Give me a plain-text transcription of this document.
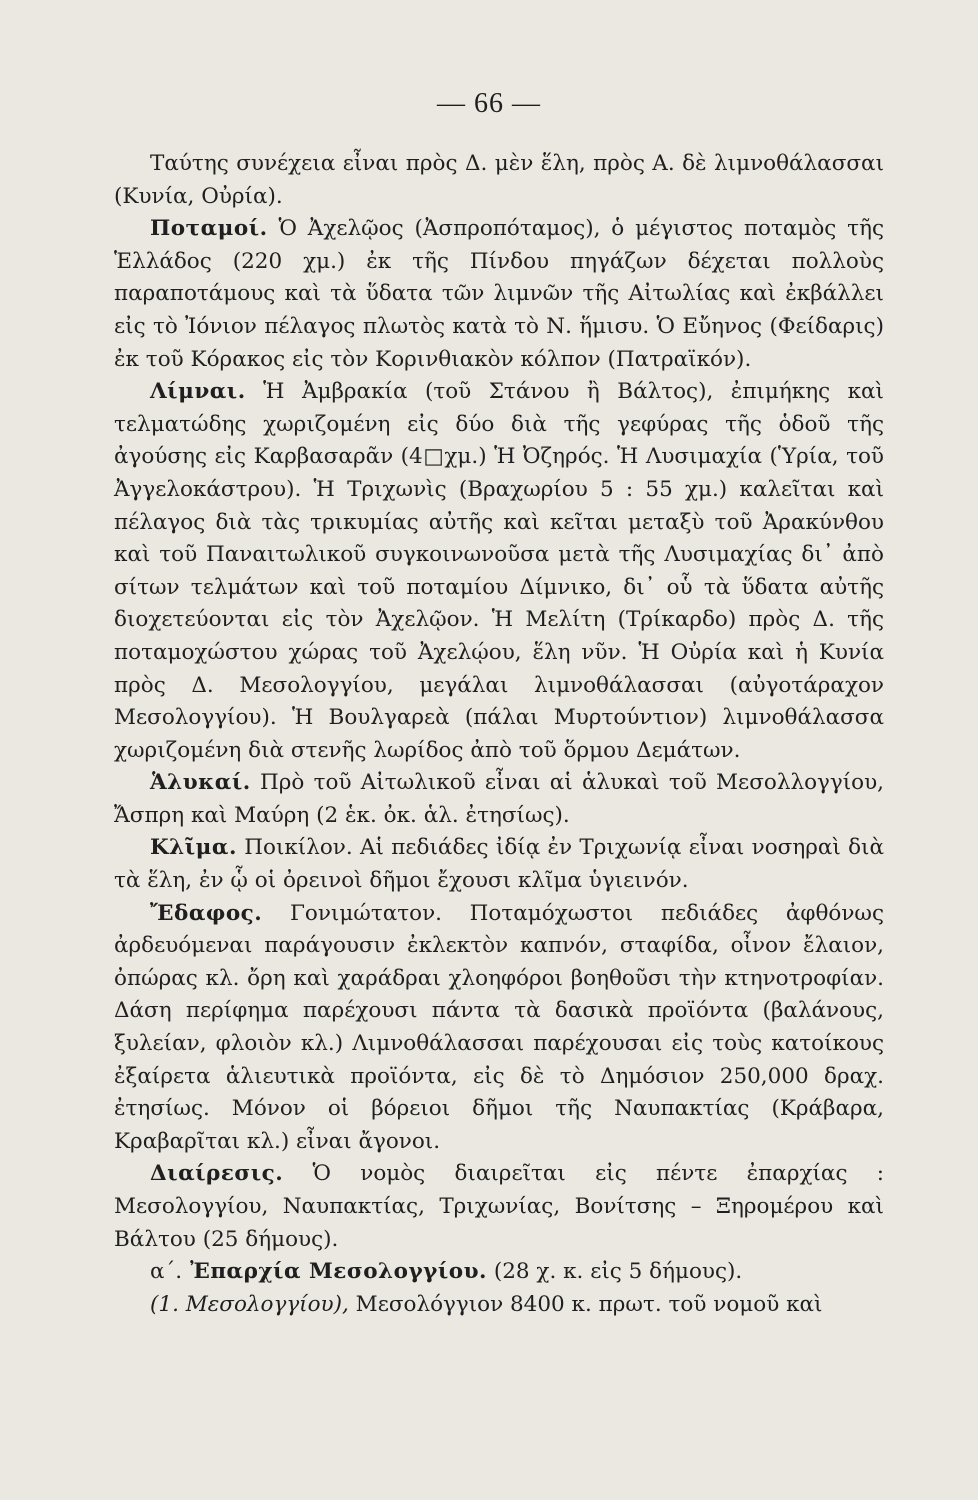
— 66 —

Ταύτης συνέχεια εἶναι πρὸς Δ. μὲν ἕλη, πρὸς Α. δὲ λιμνοθάλασσαι (Κυνία, Οὐρία).

Ποταμοί. Ὁ Ἀχελῷος (Ἀσπροπόταμος), ὁ μέγιστος ποταμὸς τῆς Ἑλλάδος (220 χμ.) ἐκ τῆς Πίνδου πηγάζων δέχεται πολλοὺς παραποτάμους καὶ τὰ ὕδατα τῶν λιμνῶν τῆς Αἰτωλίας καὶ ἐκβάλλει εἰς τὸ Ἰόνιον πέλαγος πλωτὸς κατὰ τὸ Ν. ἥμισυ. Ὁ Εὔηνος (Φείδαρις) ἐκ τοῦ Κόρακος εἰς τὸν Κορινθιακὸν κόλπον (Πατραϊκόν).

Λίμναι. Ἡ Ἀμβρακία (τοῦ Στάνου ἢ Βάλτος), ἐπιμήκης καὶ τελματώδης χωριζομένη εἰς δύο διὰ τῆς γεφύρας τῆς ὁδοῦ τῆς ἀγούσης εἰς Καρβασαρᾶν (4□χμ.) Ἡ Ὀζηρός. Ἡ Λυσιμαχία (Ὑρία, τοῦ Ἀγγελοκάστρου). Ἡ Τριχωνὶς (Βραχωρίου 5 : 55 χμ.) καλεῖται καὶ πέλαγος διὰ τὰς τρικυμίας αὐτῆς καὶ κεῖται μεταξὺ τοῦ Ἀρακύνθου καὶ τοῦ Παναιτωλικοῦ συγκοινωνοῦσα μετὰ τῆς Λυσιμαχίας δι᾽ ἀπὸ σίτων τελμάτων καὶ τοῦ ποταμίου Δίμνικο, δι᾽ οὗ τὰ ὕδατα αὐτῆς διοχετεύονται εἰς τὸν Ἀχελῷον. Ἡ Μελίτη (Τρίκαρδο) πρὸς Δ. τῆς ποταμοχώστου χώρας τοῦ Ἀχελῴου, ἕλη νῦν. Ἡ Οὐρία καὶ ἡ Κυνία πρὸς Δ. Μεσολογγίου, μεγάλαι λιμνοθάλασσαι (αὐγοτάραχον Μεσολογγίου). Ἡ Βουλγαρεὰ (πάλαι Μυρτούντιον) λιμνοθάλασσα χωριζομένη διὰ στενῆς λωρίδος ἀπὸ τοῦ ὅρμου Δεμάτων.

Ἁλυκαί. Πρὸ τοῦ Αἰτωλικοῦ εἶναι αἱ ἁλυκαὶ τοῦ Μεσολλογγίου, Ἄσπρη καὶ Μαύρη (2 ἑκ. ὀκ. ἁλ. ἐτησίως).

Κλῖμα. Ποικίλον. Αἱ πεδιάδες ἰδίᾳ ἐν Τριχωνίᾳ εἶναι νοσηραὶ διὰ τὰ ἕλη, ἐν ᾧ οἱ ὀρεινοὶ δῆμοι ἔχουσι κλῖμα ὑγιεινόν.

Ἔδαφος. Γονιμώτατον. Ποταμόχωστοι πεδιάδες ἀφθόνως ἀρδευόμεναι παράγουσιν ἐκλεκτὸν καπνόν, σταφίδα, οἶνον ἔλαιον, ὀπώρας κλ. ὄρη καὶ χαράδραι χλοηφόροι βοηθοῦσι τὴν κτηνοτροφίαν. Δάση περίφημα παρέχουσι πάντα τὰ δασικὰ προϊόντα (βαλάνους, ξυλείαν, φλοιὸν κλ.) Λιμνοθάλασσαι παρέχουσαι εἰς τοὺς κατοίκους ἐξαίρετα ἁλιευτικὰ προϊόντα, εἰς δὲ τὸ Δημόσιον 250,000 δραχ. ἐτησίως. Μόνον οἱ βόρειοι δῆμοι τῆς Ναυπακτίας (Κράβαρα, Κραβαρῖται κλ.) εἶναι ἄγονοι.

Διαίρεσις. Ὁ νομὸς διαιρεῖται εἰς πέντε ἐπαρχίας : Μεσολογγίου, Ναυπακτίας, Τριχωνίας, Βονίτσης – Ξηρομέρου καὶ Βάλτου (25 δήμους).

α΄. Ἐπαρχία Μεσολογγίου. (28 χ. κ. εἰς 5 δήμους).

(1. Μεσολογγίου), Μεσολόγγιον 8400 κ. πρωτ. τοῦ νομοῦ καὶ
